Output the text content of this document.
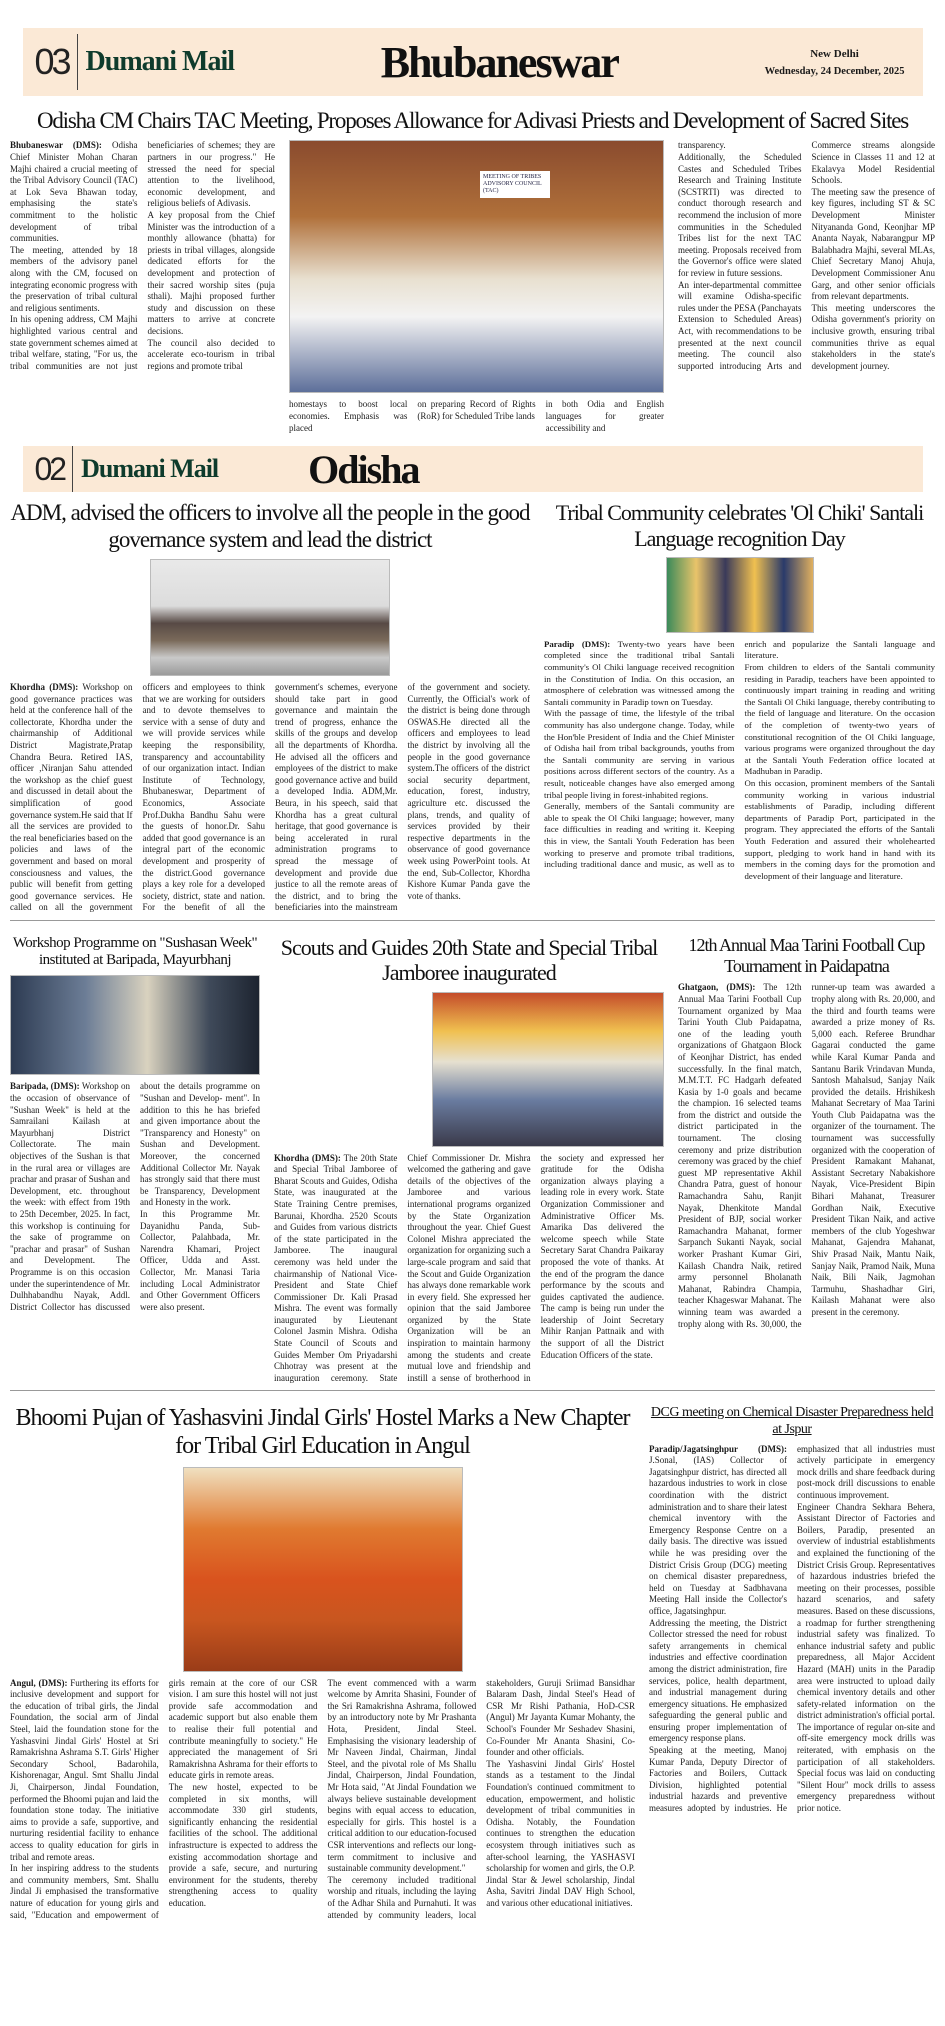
03 Dumani Mail	Bhubaneswar	New Delhi
Wednesday, 24 December, 2025
Odisha CM Chairs TAC Meeting, Proposes Allowance for Adivasi Priests and Development of Sacred Sites

Bhubaneswar (DMS): Odisha Chief Minister Mohan Charan Majhi chaired a crucial meeting of the Tribal Advisory Council (TAC) at Lok Seva Bhawan today, emphasising the state's commitment to the holistic development of tribal communities.

The meeting, attended by 18 members of the advisory panel along with the CM, focused on integrating economic progress with the preservation of tribal cultural and religious sentiments.

In his opening address, CM Majhi highlighted various central and state government schemes aimed at tribal welfare, stating, "For us, the tribal communities are not just beneficiaries of schemes; they are partners in our progress." He stressed the need for special attention to the livelihood, economic development, and religious beliefs of Adivasis.

A key proposal from the Chief Minister was the introduction of a monthly allowance (bhatta) for priests in tribal villages, alongside dedicated efforts for the development and protection of their sacred worship sites (puja sthali). Majhi proposed further study and discussion on these matters to arrive at concrete decisions.

The council also decided to accelerate eco-tourism in tribal regions and promote tribal

MEETING OF TRIBES ADVISORY COUNCIL (TAC)

homestays to boost local economies. Emphasis was placed

on preparing Record of Rights (RoR) for Scheduled Tribe lands

in both Odia and English languages for greater accessibility and

transparency.

Additionally, the Scheduled Castes and Scheduled Tribes Research and Training Institute (SCSTRTI) was directed to conduct thorough research and recommend the inclusion of more communities in the Scheduled Tribes list for the next TAC meeting. Proposals received from the Governor's office were slated for review in future sessions.

An inter-departmental committee will examine Odisha-specific rules under the PESA (Panchayats Extension to Scheduled Areas) Act, with recommendations to be presented at the next council meeting. The council also supported introducing Arts and Commerce streams alongside Science in Classes 11 and 12 at Ekalavya Model Residential Schools.

The meeting saw the presence of key figures, including ST & SC Development Minister Nityananda Gond, Keonjhar MP Ananta Nayak, Nabarangpur MP Balabhadra Majhi, several MLAs, Chief Secretary Manoj Ahuja, Development Commissioner Anu Garg, and other senior officials from relevant departments.

This meeting underscores the Odisha government's priority on inclusive growth, ensuring tribal communities thrive as equal stakeholders in the state's development journey.

02 Dumani Mail Odisha
ADM, advised the officers to involve all the people in the good governance system and lead the district

Khordha (DMS): Workshop on good governance practices was held at the conference hall of the collectorate, Khordha under the chairmanship of Additional District Magistrate,Pratap Chandra Beura. Retired IAS, officer ,Niranjan Sahu attended the workshop as the chief guest and discussed in detail about the simplification of good governance system.He said that If all the services are provided to the real beneficiaries based on the policies and laws of the government and based on moral consciousness and values, the public will benefit from getting good governance services. He called on all the government officers and employees to think that we are working for outsiders and to devote themselves to service with a sense of duty and we will provide services while keeping the responsibility, transparency and accountability of our organization intact. Indian Institute of Technology, Bhubaneswar, Department of Economics, Associate Prof.Dukha Bandhu Sahu were the guests of honor.Dr. Sahu added that good governance is an integral part of the economic development and prosperity of the district.Good governance plays a key role for a developed society, district, state and nation. For the benefit of all the government's schemes, everyone should take part in good governance and maintain the trend of progress, enhance the skills of the groups and develop all the departments of Khordha. He advised all the officers and employees of the district to make good governance active and build a developed India. ADM,Mr. Beura, in his speech, said that Khordha has a great cultural heritage, that good governance is being accelerated in rural administration programs to spread the message of development and provide due justice to all the remote areas of the district, and to bring the beneficiaries into the mainstream of the government and society. Currently, the Official's work of the district is being done through OSWAS.He directed all the officers and employees to lead the district by involving all the people in the good governance system.The officers of the district social security department, education, forest, industry, agriculture etc. discussed the plans, trends, and quality of services provided by their respective departments in the observance of good governance week using PowerPoint tools. At the end, Sub-Collector, Khordha Kishore Kumar Panda gave the vote of thanks.

Tribal Community celebrates 'Ol Chiki' Santali Language recognition Day

Paradip (DMS): Twenty-two years have been completed since the traditional tribal Santali community's Ol Chiki language received recognition in the Constitution of India. On this occasion, an atmosphere of celebration was witnessed among the Santali community in Paradip town on Tuesday.

With the passage of time, the lifestyle of the tribal community has also undergone change. Today, while the Hon'ble President of India and the Chief Minister of Odisha hail from tribal backgrounds, youths from the Santali community are serving in various positions across different sectors of the country. As a result, noticeable changes have also emerged among tribal people living in forest-inhabited regions.

Generally, members of the Santali community are able to speak the Ol Chiki language; however, many face difficulties in reading and writing it. Keeping this in view, the Santali Youth Federation has been working to preserve and promote tribal traditions, including traditional dance and music, as well as to enrich and popularize the Santali language and literature.

From children to elders of the Santali community residing in Paradip, teachers have been appointed to continuously impart training in reading and writing the Santali Ol Chiki language, thereby contributing to the field of language and literature. On the occasion of the completion of twenty-two years of constitutional recognition of the Ol Chiki language, various programs were organized throughout the day at the Santali Youth Federation office located at Madhuban in Paradip.

On this occasion, prominent members of the Santali community working in various industrial establishments of Paradip, including different departments of Paradip Port, participated in the program. They appreciated the efforts of the Santali Youth Federation and assured their wholehearted support, pledging to work hand in hand with its members in the coming days for the promotion and development of their language and literature.

Workshop Programme on "Sushasan Week" instituted at Baripada, Mayurbhanj

Baripada, (DMS): Workshop on the occasion of observance of "Sushan Week" is held at the Samrailani Kailash at Mayurbhanj District Collectorate. The main objectives of the Sushan is that in the rural area or villages are prachar and prasar of Sushan and Development, etc. throughout the week: with effect from 19th to 25th December, 2025. In fact, this workshop is continuing for the sake of programme on "prachar and prasar" of Sushan and Development. The Programme is on this occasion under the superintendence of Mr. Dulhhabandhu Nayak, Addl. District Collector has discussed about the details programme on "Sushan and Develop- ment". In addition to this he has briefed and given importance about the "Transparency and Honesty" on Sushan and Development. Moreover, the concerned Additional Collector Mr. Nayak has strongly said that there must be Transparency, Development and Honesty in the work.

In this Programme Mr. Dayanidhu Panda, Sub-Collector, Palahbada, Mr. Narendra Khamari, Project Officer, Udda and Asst. Collector, Mr. Manasi Taria including Local Administrator and Other Government Officers were also present.

Scouts and Guides 20th State and Special Tribal Jamboree inaugurated

Khordha (DMS): The 20th State and Special Tribal Jamboree of Bharat Scouts and Guides, Odisha State, was inaugurated at the State Training Centre premises, Barunai, Khordha. 2520 Scouts and Guides from various districts of the state participated in the Jamboree. The inaugural ceremony was held under the chairmanship of National Vice-President and State Chief Commissioner Dr. Kali Prasad Mishra. The event was formally inaugurated by Lieutenant Colonel Jasmin Mishra. Odisha State Council of Scouts and Guides Member Om Priyadarshi Chhotray was present at the inauguration ceremony. State Chief Commissioner Dr. Mishra welcomed the gathering and gave details of the objectives of the Jamboree and various international programs organized by the State Organization throughout the year. Chief Guest Colonel Mishra appreciated the organization for organizing such a large-scale program and said that the Scout and Guide Organization has always done remarkable work in every field. She expressed her opinion that the said Jamboree organized by the State Organization will be an inspiration to maintain harmony among the students and create mutual love and friendship and instill a sense of brotherhood in the society and expressed her gratitude for the Odisha organization always playing a leading role in every work. State Organization Commissioner and Administrative Officer Ms. Amarika Das delivered the welcome speech while State Secretary Sarat Chandra Paikaray proposed the vote of thanks. At the end of the program the dance performance by the scouts and guides captivated the audience. The camp is being run under the leadership of Joint Secretary Mihir Ranjan Pattnaik and with the support of all the District Education Officers of the state.

12th Annual Maa Tarini Football Cup Tournament in Paidapatna

Ghatgaon, (DMS): The 12th Annual Maa Tarini Football Cup Tournament organized by Maa Tarini Youth Club Paidapatna, one of the leading youth organizations of Ghatgaon Block of Keonjhar District, has ended successfully. In the final match, M.M.T.T. FC Hadgarh defeated Kasia by 1-0 goals and became the champion. 16 selected teams from the district and outside the district participated in the tournament. The closing ceremony and prize distribution ceremony was graced by the chief guest MP representative Akhil Chandra Patra, guest of honour Ramachandra Sahu, Ranjit Nayak, Dhenkitote Mandal President of BJP, social worker Ramachandra Mahanat, former Sarpanch Sukanti Nayak, social worker Prashant Kumar Giri, Kailash Chandra Naik, retired army personnel Bholanath Mahanat, Rabindra Champia, teacher Khageswar Mahanat. The winning team was awarded a trophy along with Rs. 30,000, the runner-up team was awarded a trophy along with Rs. 20,000, and the third and fourth teams were awarded a prize money of Rs. 5,000 each. Referee Brundhar Gagarai conducted the game while Karal Kumar Panda and Santanu Barik Vrindavan Munda, Santosh Mahalsud, Sanjay Naik provided the details. Hrishikesh Mahanat Secretary of Maa Tarini Youth Club Paidapatna was the organizer of the tournament. The tournament was successfully organized with the cooperation of President Ramakant Mahanat, Assistant Secretary Nabakishore Nayak, Vice-President Bipin Bihari Mahanat, Treasurer Gordhan Naik, Executive President Tikan Naik, and active members of the club Yogeshwar Mahanat, Gajendra Mahanat, Shiv Prasad Naik, Mantu Naik, Sanjay Naik, Pramod Naik, Muna Naik, Bili Naik, Jagmohan Tarmuhu, Shashadhar Giri, Kailash Mahanat were also present in the ceremony.

Bhoomi Pujan of Yashasvini Jindal Girls' Hostel Marks a New Chapter for Tribal Girl Education in Angul

Angul, (DMS): Furthering its efforts for inclusive development and support for the education of tribal girls, the Jindal Foundation, the social arm of Jindal Steel, laid the foundation stone for the Yashasvini Jindal Girls' Hostel at Sri Ramakrishna Ashrama S.T. Girls' Higher Secondary School, Badarohila, Kishorenagar, Angul. Smt Shallu Jindal Ji, Chairperson, Jindal Foundation, performed the Bhoomi pujan and laid the foundation stone today. The initiative aims to provide a safe, supportive, and nurturing residential facility to enhance access to quality education for girls in tribal and remote areas.

In her inspiring address to the students and community members, Smt. Shallu Jindal Ji emphasised the transformative nature of education for young girls and said, "Education and empowerment of girls remain at the core of our CSR vision. I am sure this hostel will not just provide safe accommodation and academic support but also enable them to realise their full potential and contribute meaningfully to society." He appreciated the management of Sri Ramakrishna Ashrama for their efforts to educate girls in remote areas.

The new hostel, expected to be completed in six months, will accommodate 330 girl students, significantly enhancing the residential facilities of the school. The additional infrastructure is expected to address the existing accommodation shortage and provide a safe, secure, and nurturing environment for the students, thereby strengthening access to quality education.

The event commenced with a warm welcome by Amrita Shasini, Founder of the Sri Ramakrishna Ashrama, followed by an introductory note by Mr Prashanta Hota, President, Jindal Steel. Emphasising the visionary leadership of Mr Naveen Jindal, Chairman, Jindal Steel, and the pivotal role of Ms Shallu Jindal, Chairperson, Jindal Foundation, Mr Hota said, "At Jindal Foundation we always believe sustainable development begins with equal access to education, especially for girls. This hostel is a critical addition to our education-focused CSR interventions and reflects our long-term commitment to inclusive and sustainable community development."

The ceremony included traditional worship and rituals, including the laying of the Adhar Shila and Purnahuti. It was attended by community leaders, local stakeholders, Guruji Sriimad Bansidhar Balaram Dash, Jindal Steel's Head of CSR Mr Rishi Pathania, HoD-CSR (Angul) Mr Jayanta Kumar Mohanty, the School's Founder Mr Seshadev Shasini, Co-Founder Mr Ananta Shasini, Co-founder and other officials.

The Yashasvini Jindal Girls' Hostel stands as a testament to the Jindal Foundation's continued commitment to education, empowerment, and holistic development of tribal communities in Odisha. Notably, the Foundation continues to strengthen the education ecosystem through initiatives such as after-school learning, the YASHASVI scholarship for women and girls, the O.P. Jindal Star & Jewel scholarship, Jindal Asha, Savitri Jindal DAV High School, and various other educational initiatives.

DCG meeting on Chemical Disaster Preparedness held at Jspur

Paradip/Jagatsinghpur (DMS): J.Sonal, (IAS) Collector of Jagatsinghpur district, has directed all hazardous industries to work in close coordination with the district administration and to share their latest chemical inventory with the Emergency Response Centre on a daily basis. The directive was issued while he was presiding over the District Crisis Group (DCG) meeting on chemical disaster preparedness, held on Tuesday at Sadbhavana Meeting Hall inside the Collector's office, Jagatsinghpur.

Addressing the meeting, the District Collector stressed the need for robust safety arrangements in chemical industries and effective coordination among the district administration, fire services, police, health department, and industrial management during emergency situations. He emphasized safeguarding the general public and ensuring proper implementation of emergency response plans.

Speaking at the meeting, Manoj Kumar Panda, Deputy Director of Factories and Boilers, Cuttack Division, highlighted potential industrial hazards and preventive measures adopted by industries. He emphasized that all industries must actively participate in emergency mock drills and share feedback during post-mock drill discussions to enable continuous improvement.

Engineer Chandra Sekhara Behera, Assistant Director of Factories and Boilers, Paradip, presented an overview of industrial establishments and explained the functioning of the District Crisis Group. Representatives of hazardous industries briefed the meeting on their processes, possible hazard scenarios, and safety measures. Based on these discussions, a roadmap for further strengthening industrial safety was finalized. To enhance industrial safety and public preparedness, all Major Accident Hazard (MAH) units in the Paradip area were instructed to upload daily chemical inventory details and other safety-related information on the district administration's official portal.

The importance of regular on-site and off-site emergency mock drills was reiterated, with emphasis on the participation of all stakeholders. Special focus was laid on conducting "Silent Hour" mock drills to assess emergency preparedness without prior notice.
